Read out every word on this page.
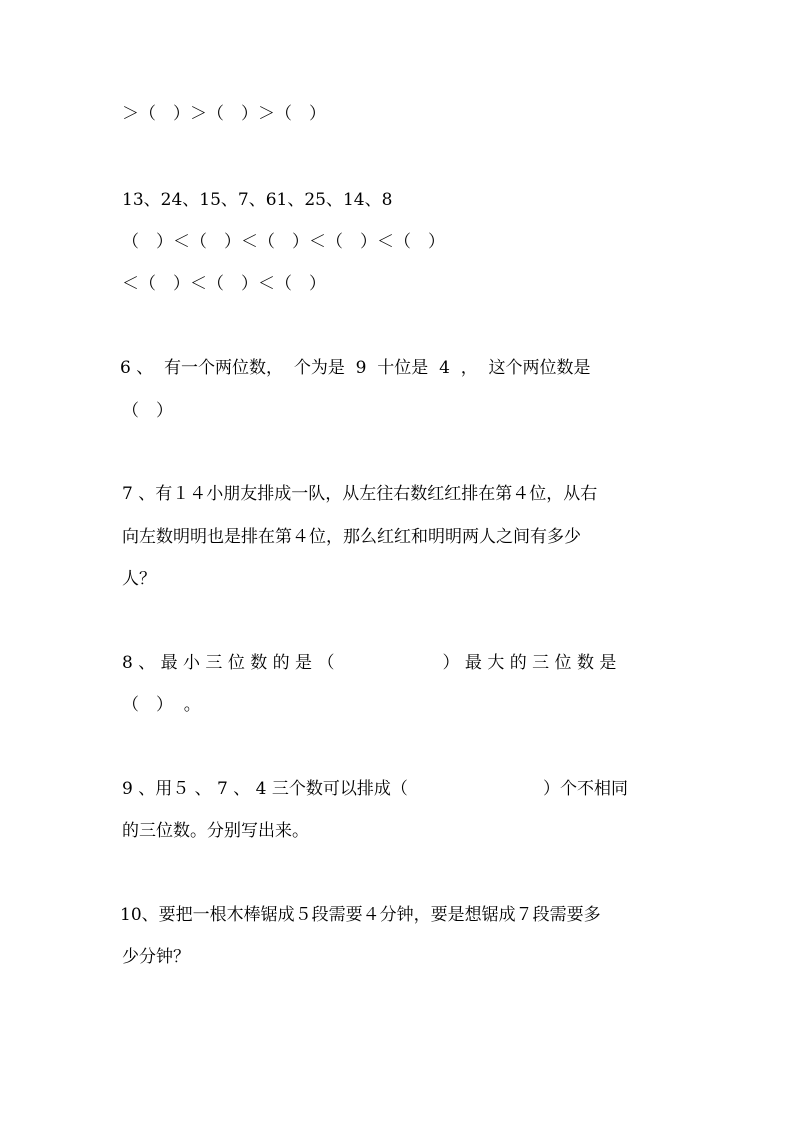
＞（　）＞（　）＞（　）
13、24、15、7、61、25、14、8
（　）＜（　）＜（　）＜（　）＜（　）
＜（　）＜（　）＜（　）
6 、  有一个两位数，  个为是  9  十位是  4  ，  这个两位数是
（　）
7 、有１４小朋友排成一队，从左往右数红红排在第４位，从右
向左数明明也是排在第４位，那么红红和明明两人之间有多少
人？
8 、 最 小 三 位 数 的 是 （                    ） 最 大 的 三 位 数 是
（　）  。
9 、用５ 、 7 、 4 三个数可以排成（                         ）个不相同
的三位数。分别写出来。
10、要把一根木棒锯成５段需要４分钟，要是想锯成７段需要多
少分钟？
